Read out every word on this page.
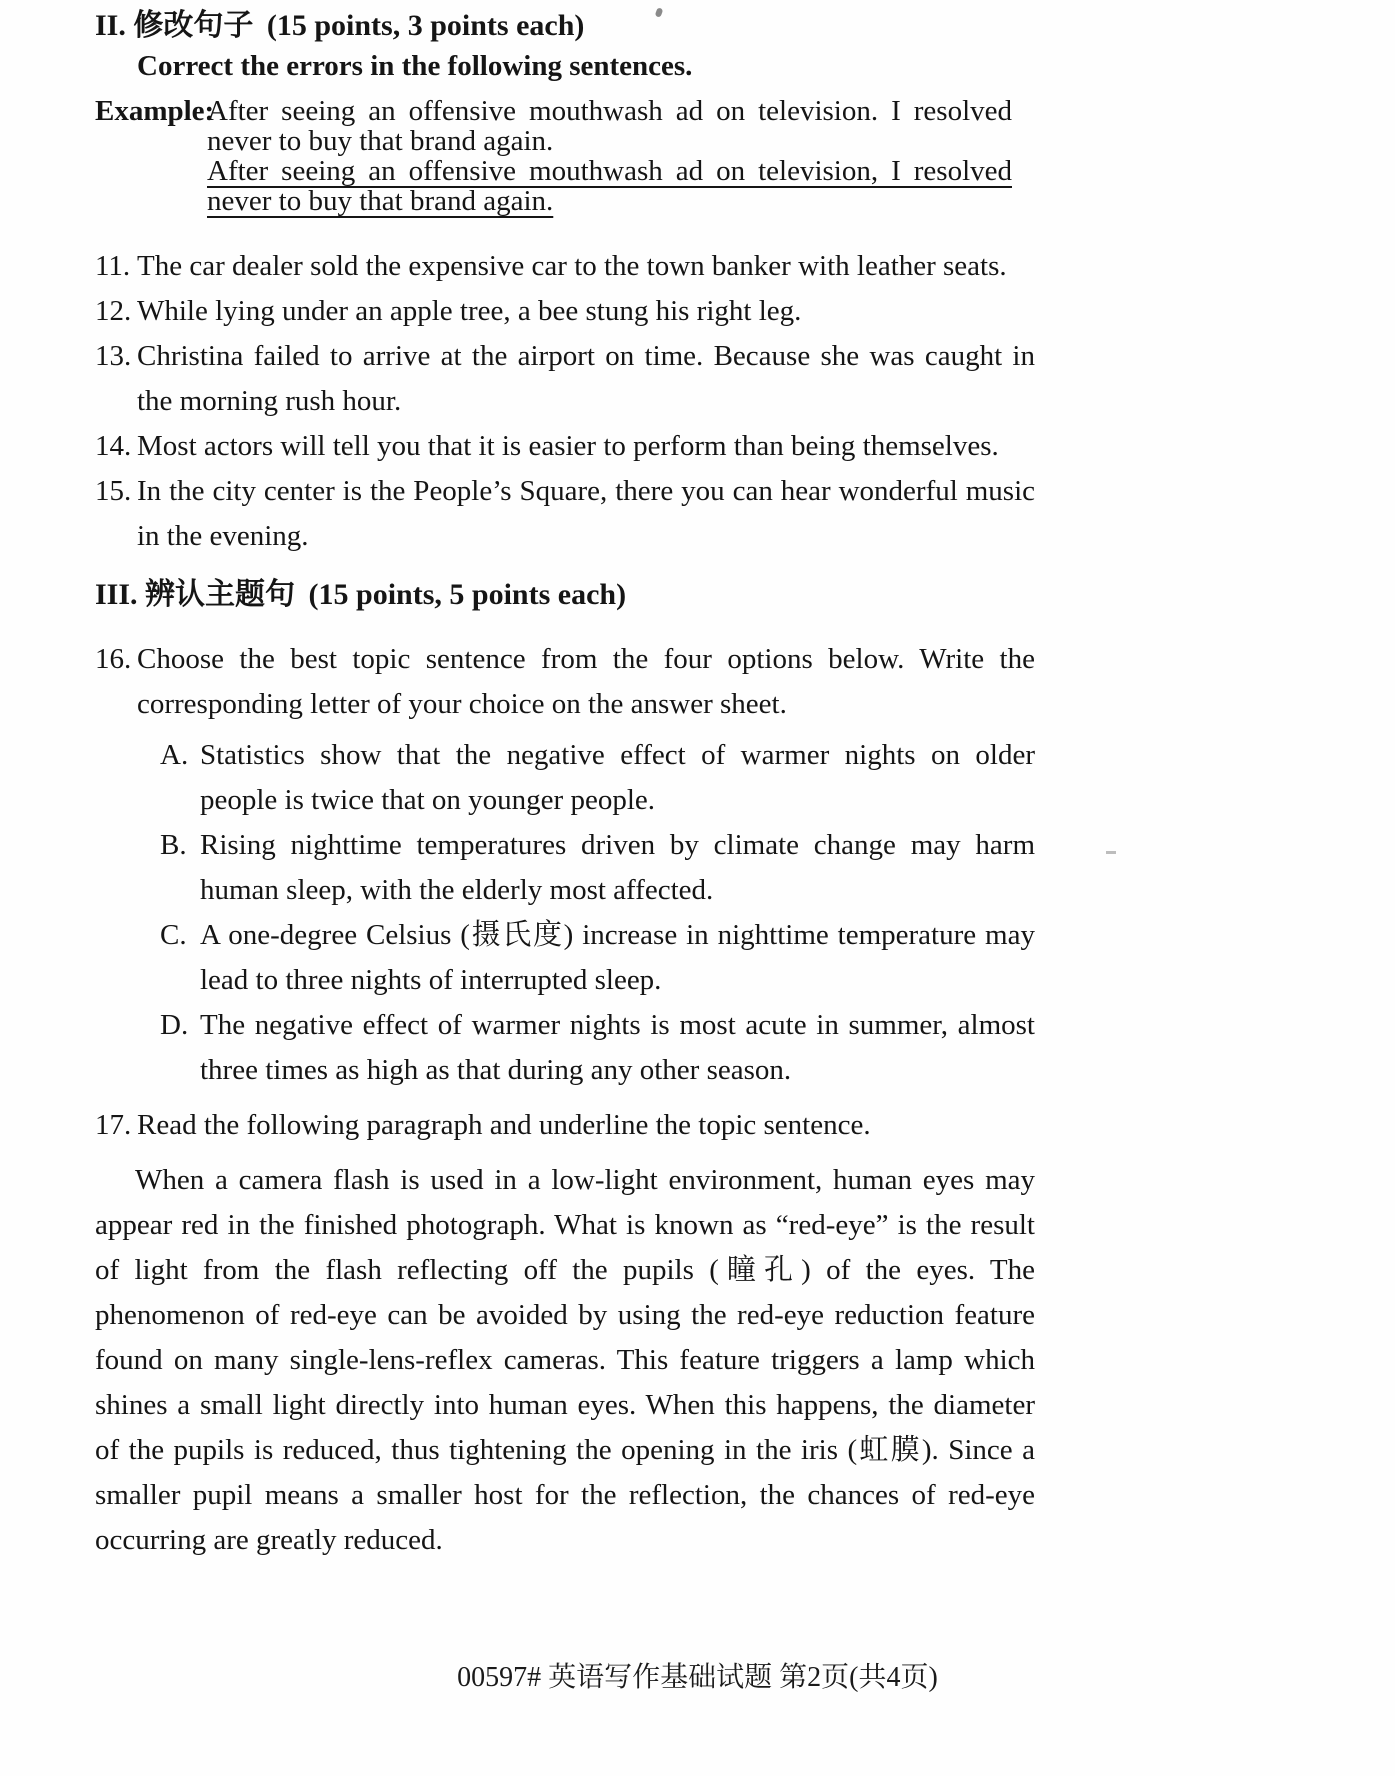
II. 修改句子 (15 points, 3 points each)
Correct the errors in the following sentences.
Example:

After seeing an offensive mouthwash ad on television. I resolved never to buy that brand again.

After seeing an offensive mouthwash ad on television, I resolved never to buy that brand again.

11. The car dealer sold the expensive car to the town banker with leather seats.
12. While lying under an apple tree, a bee stung his right leg.
13. Christina failed to arrive at the airport on time. Because she was caught in the morning rush hour.
14. Most actors will tell you that it is easier to perform than being themselves.
15. In the city center is the People’s Square, there you can hear wonderful music in the evening.
III. 辨认主题句 (15 points, 5 points each)
16. Choose the best topic sentence from the four options below. Write the corresponding letter of your choice on the answer sheet.
A. Statistics show that the negative effect of warmer nights on older people is twice that on younger people.
B. Rising nighttime temperatures driven by climate change may harm human sleep, with the elderly most affected.
C. A one-degree Celsius (摄氏度) increase in nighttime temperature may lead to three nights of interrupted sleep.
D. The negative effect of warmer nights is most acute in summer, almost three times as high as that during any other season.
17. Read the following paragraph and underline the topic sentence.

When a camera flash is used in a low-light environment, human eyes may appear red in the finished photograph. What is known as “red-eye” is the result of light from the flash reflecting off the pupils (瞳孔) of the eyes. The phenomenon of red-eye can be avoided by using the red-eye reduction feature found on many single-lens-reflex cameras. This feature triggers a lamp which shines a small light directly into human eyes. When this happens, the diameter of the pupils is reduced, thus tightening the opening in the iris (虹膜). Since a smaller pupil means a smaller host for the reflection, the chances of red-eye occurring are greatly reduced.

00597# 英语写作基础试题 第2页(共4页)
